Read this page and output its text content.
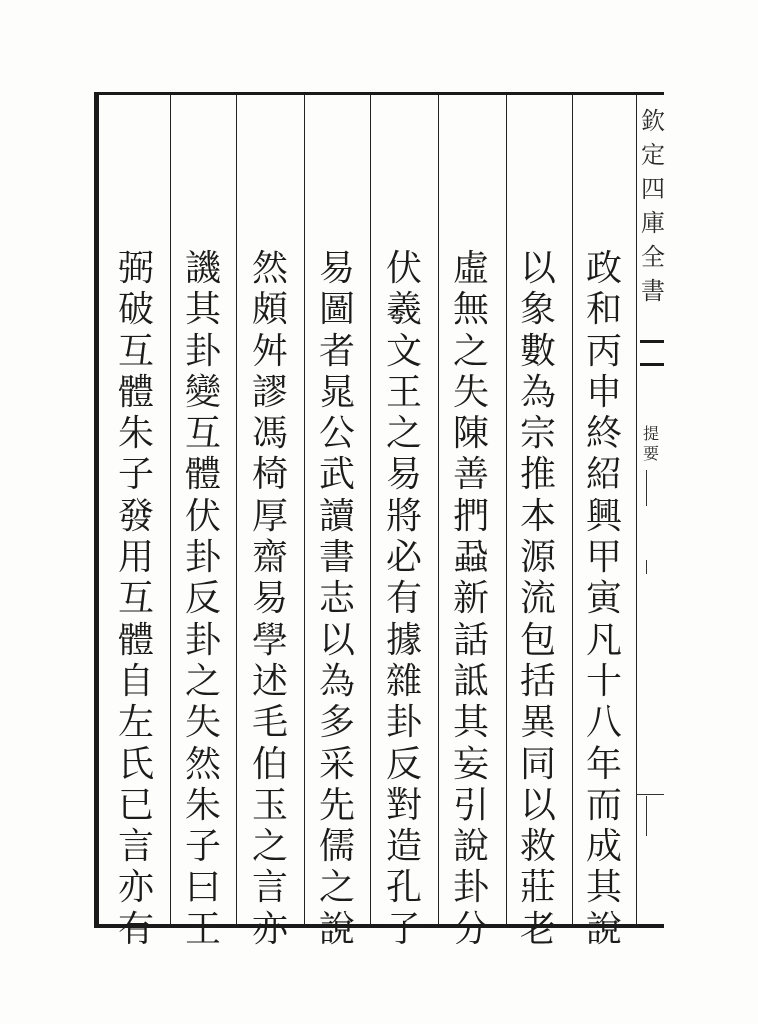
欽
定
四
庫
全
書
提
要
政
和
丙
申
終
紹
興
甲
寅
凡
十
八
年
而
成
其
說
以
象
數
為
宗
推
本
源
流
包
括
異
同
以
救
莊
老
虛
無
之
失
陳
善
捫
蝨
新
話
詆
其
妄
引
說
卦
分
伏
羲
文
王
之
易
將
必
有
據
雜
卦
反
對
造
孔
子
易
圖
者
晁
公
武
讀
書
志
以
為
多
采
先
儒
之
說
然
頗
舛
謬
馮
椅
厚
齋
易
學
述
毛
伯
玉
之
言
亦
譏
其
卦
變
互
體
伏
卦
反
卦
之
失
然
朱
子
曰
王
弼
破
互
體
朱
子
發
用
互
體
自
左
氏
已
言
亦
有
